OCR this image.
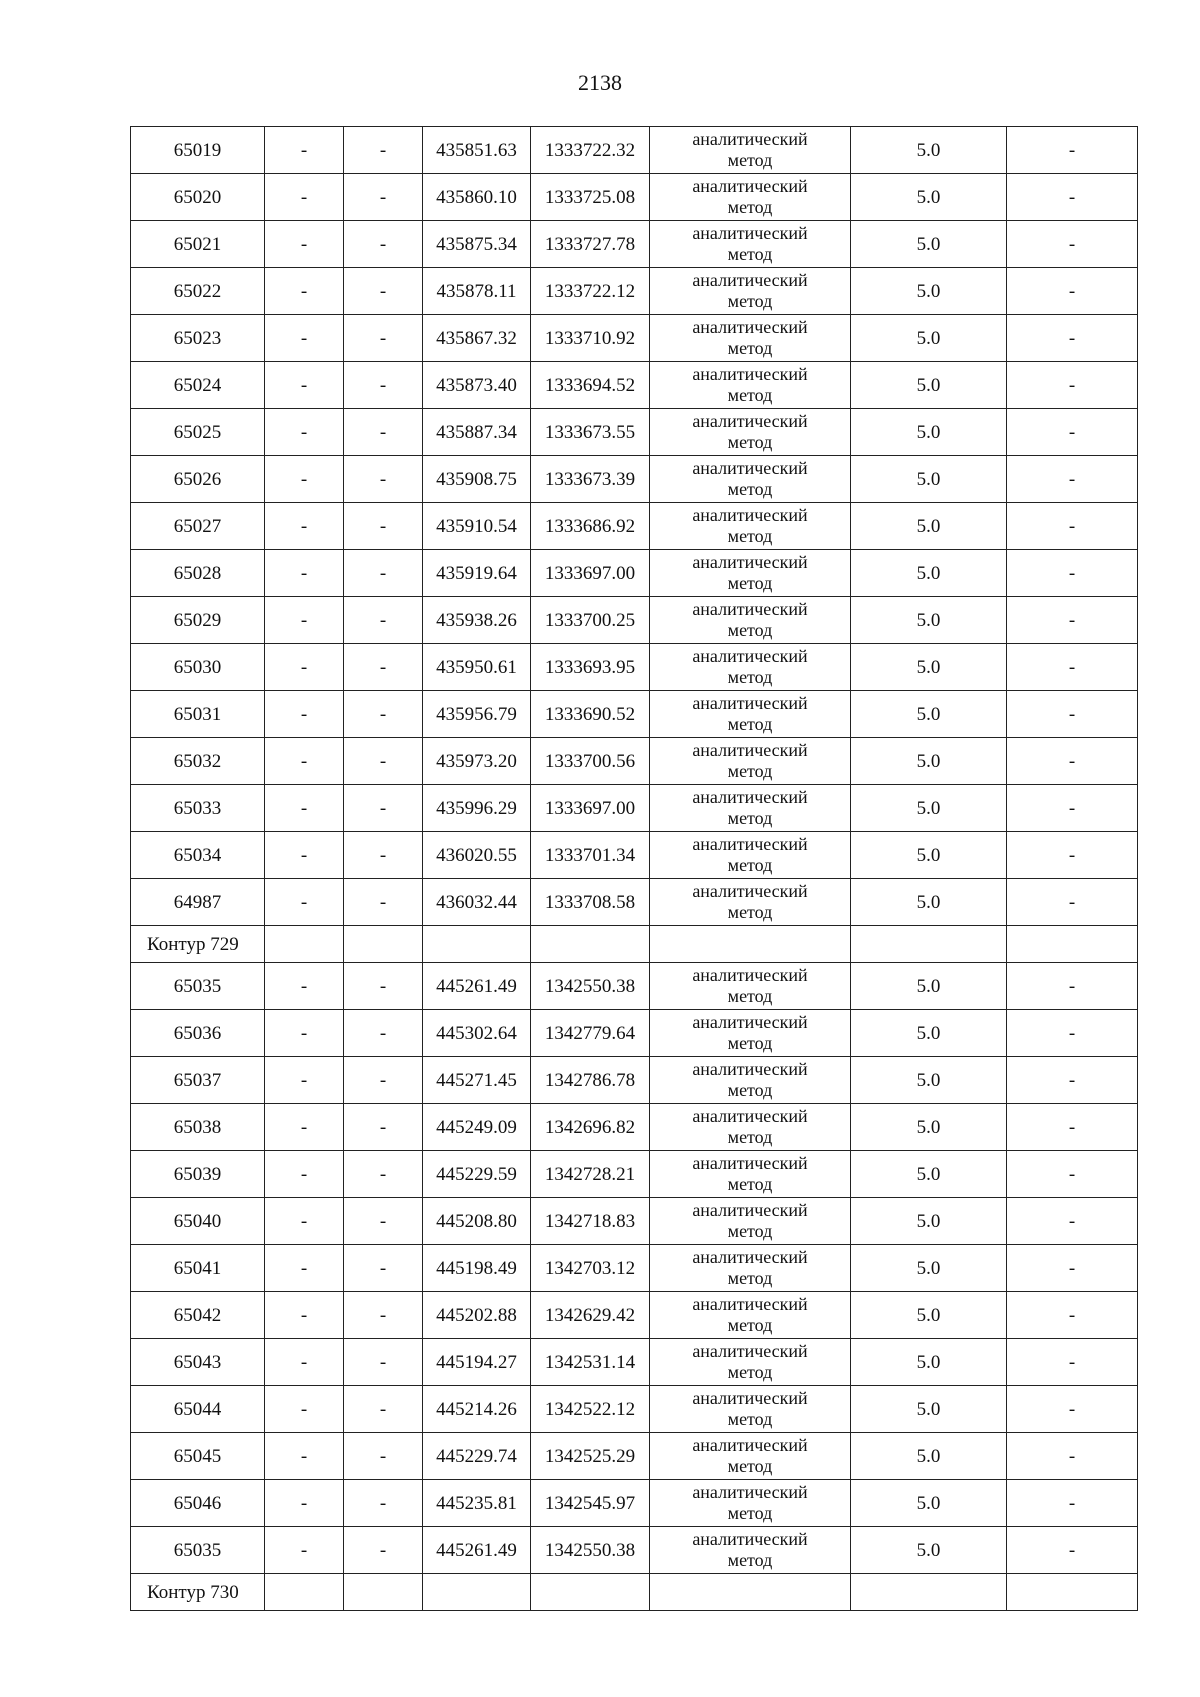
2138
65019	-	-	435851.63	1333722.32	аналитический
метод	5.0	-
65020	-	-	435860.10	1333725.08	аналитический
метод	5.0	-
65021	-	-	435875.34	1333727.78	аналитический
метод	5.0	-
65022	-	-	435878.11	1333722.12	аналитический
метод	5.0	-
65023	-	-	435867.32	1333710.92	аналитический
метод	5.0	-
65024	-	-	435873.40	1333694.52	аналитический
метод	5.0	-
65025	-	-	435887.34	1333673.55	аналитический
метод	5.0	-
65026	-	-	435908.75	1333673.39	аналитический
метод	5.0	-
65027	-	-	435910.54	1333686.92	аналитический
метод	5.0	-
65028	-	-	435919.64	1333697.00	аналитический
метод	5.0	-
65029	-	-	435938.26	1333700.25	аналитический
метод	5.0	-
65030	-	-	435950.61	1333693.95	аналитический
метод	5.0	-
65031	-	-	435956.79	1333690.52	аналитический
метод	5.0	-
65032	-	-	435973.20	1333700.56	аналитический
метод	5.0	-
65033	-	-	435996.29	1333697.00	аналитический
метод	5.0	-
65034	-	-	436020.55	1333701.34	аналитический
метод	5.0	-
64987	-	-	436032.44	1333708.58	аналитический
метод	5.0	-
Контур 729							
65035	-	-	445261.49	1342550.38	аналитический
метод	5.0	-
65036	-	-	445302.64	1342779.64	аналитический
метод	5.0	-
65037	-	-	445271.45	1342786.78	аналитический
метод	5.0	-
65038	-	-	445249.09	1342696.82	аналитический
метод	5.0	-
65039	-	-	445229.59	1342728.21	аналитический
метод	5.0	-
65040	-	-	445208.80	1342718.83	аналитический
метод	5.0	-
65041	-	-	445198.49	1342703.12	аналитический
метод	5.0	-
65042	-	-	445202.88	1342629.42	аналитический
метод	5.0	-
65043	-	-	445194.27	1342531.14	аналитический
метод	5.0	-
65044	-	-	445214.26	1342522.12	аналитический
метод	5.0	-
65045	-	-	445229.74	1342525.29	аналитический
метод	5.0	-
65046	-	-	445235.81	1342545.97	аналитический
метод	5.0	-
65035	-	-	445261.49	1342550.38	аналитический
метод	5.0	-
Контур 730							
